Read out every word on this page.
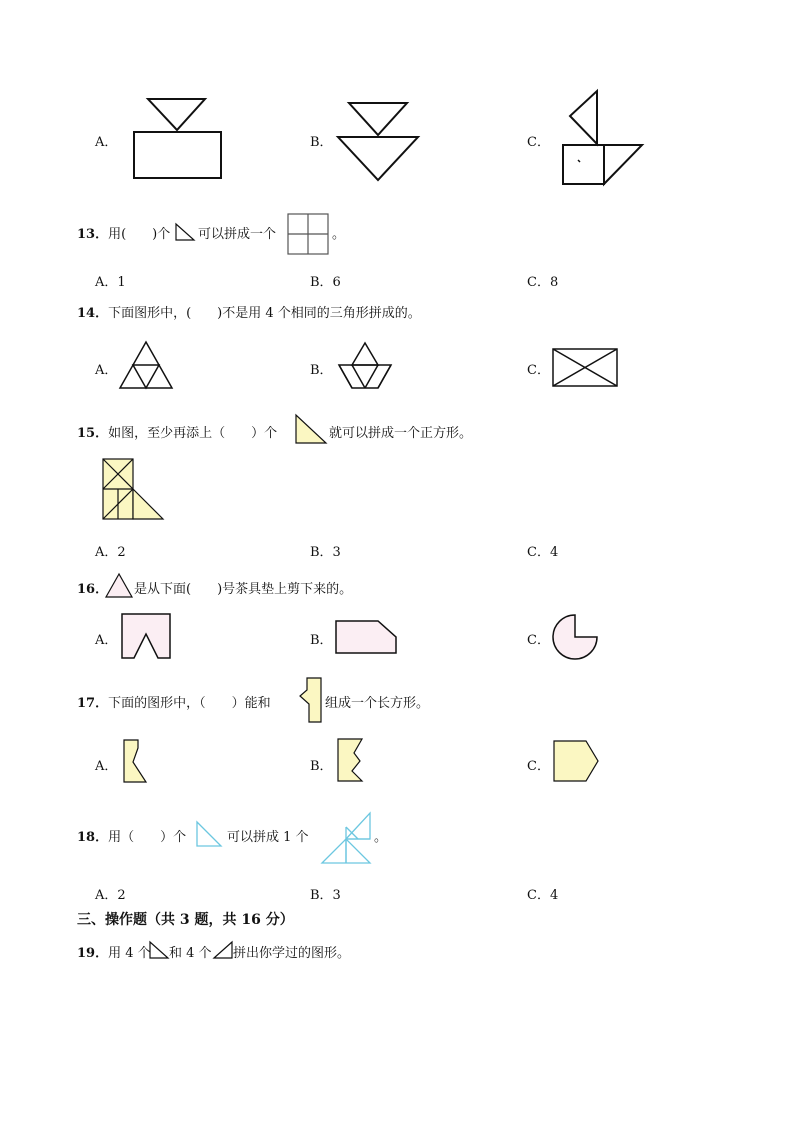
A．	B．	C．
13．用(　　)个 可以拼成一个	。
A．1	B．6	C．8
14．下面图形中，(　　)不是用 4 个相同的三角形拼成的。
A．	B．	C．
15．如图，至少再添上（　　）个	就可以拼成一个正方形。
A．2	B．3	C．4
16． 是从下面(　　)号茶具垫上剪下来的。
A．	B．	C．
17．下面的图形中，（　　）能和	组成一个长方形。
A．	B．	C．
18．用（　　）个	可以拼成 1 个	。
A．2	B．3	C．4
三、操作题（共 3 题，共 16 分）
19．用 4 个 和 4 个 拼出你学过的图形。
